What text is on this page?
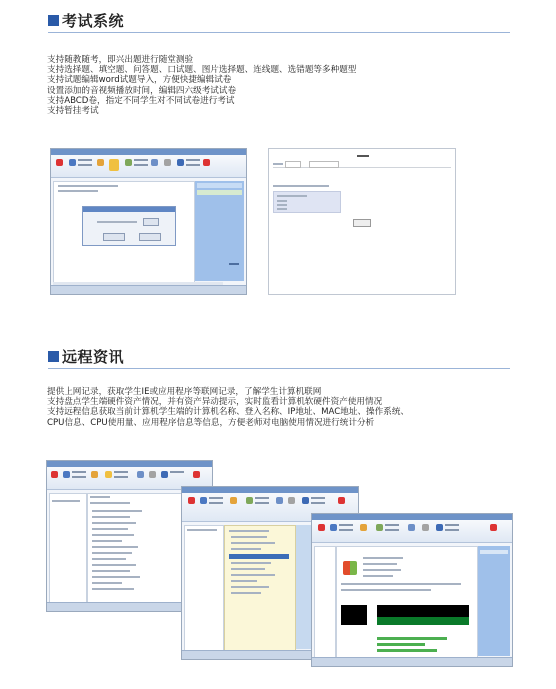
考试系统
支持随教随考，即兴出题进行随堂测验
支持选择题、填空题、问答题、口试题、图片选择题、连线题、选错题等多种题型
支持试题编辑word试题导入，方便快捷编辑试卷
设置添加的音视频播放时间，编辑四六级考试试卷
支持ABCD卷，指定不同学生对不同试卷进行考试
支持暂挂考试
远程资讯
提供上网记录，获取学生IE或应用程序等联网记录，了解学生计算机联网
支持盘点学生端硬件资产情况，并有资产异动提示，实时监看计算机软硬件资产使用情况
支持远程信息获取当前计算机学生端的计算机名称、登入名称、IP地址、MAC地址、操作系统、
CPU信息、CPU使用量、应用程序信息等信息，方便老师对电脑使用情况进行统计分析
